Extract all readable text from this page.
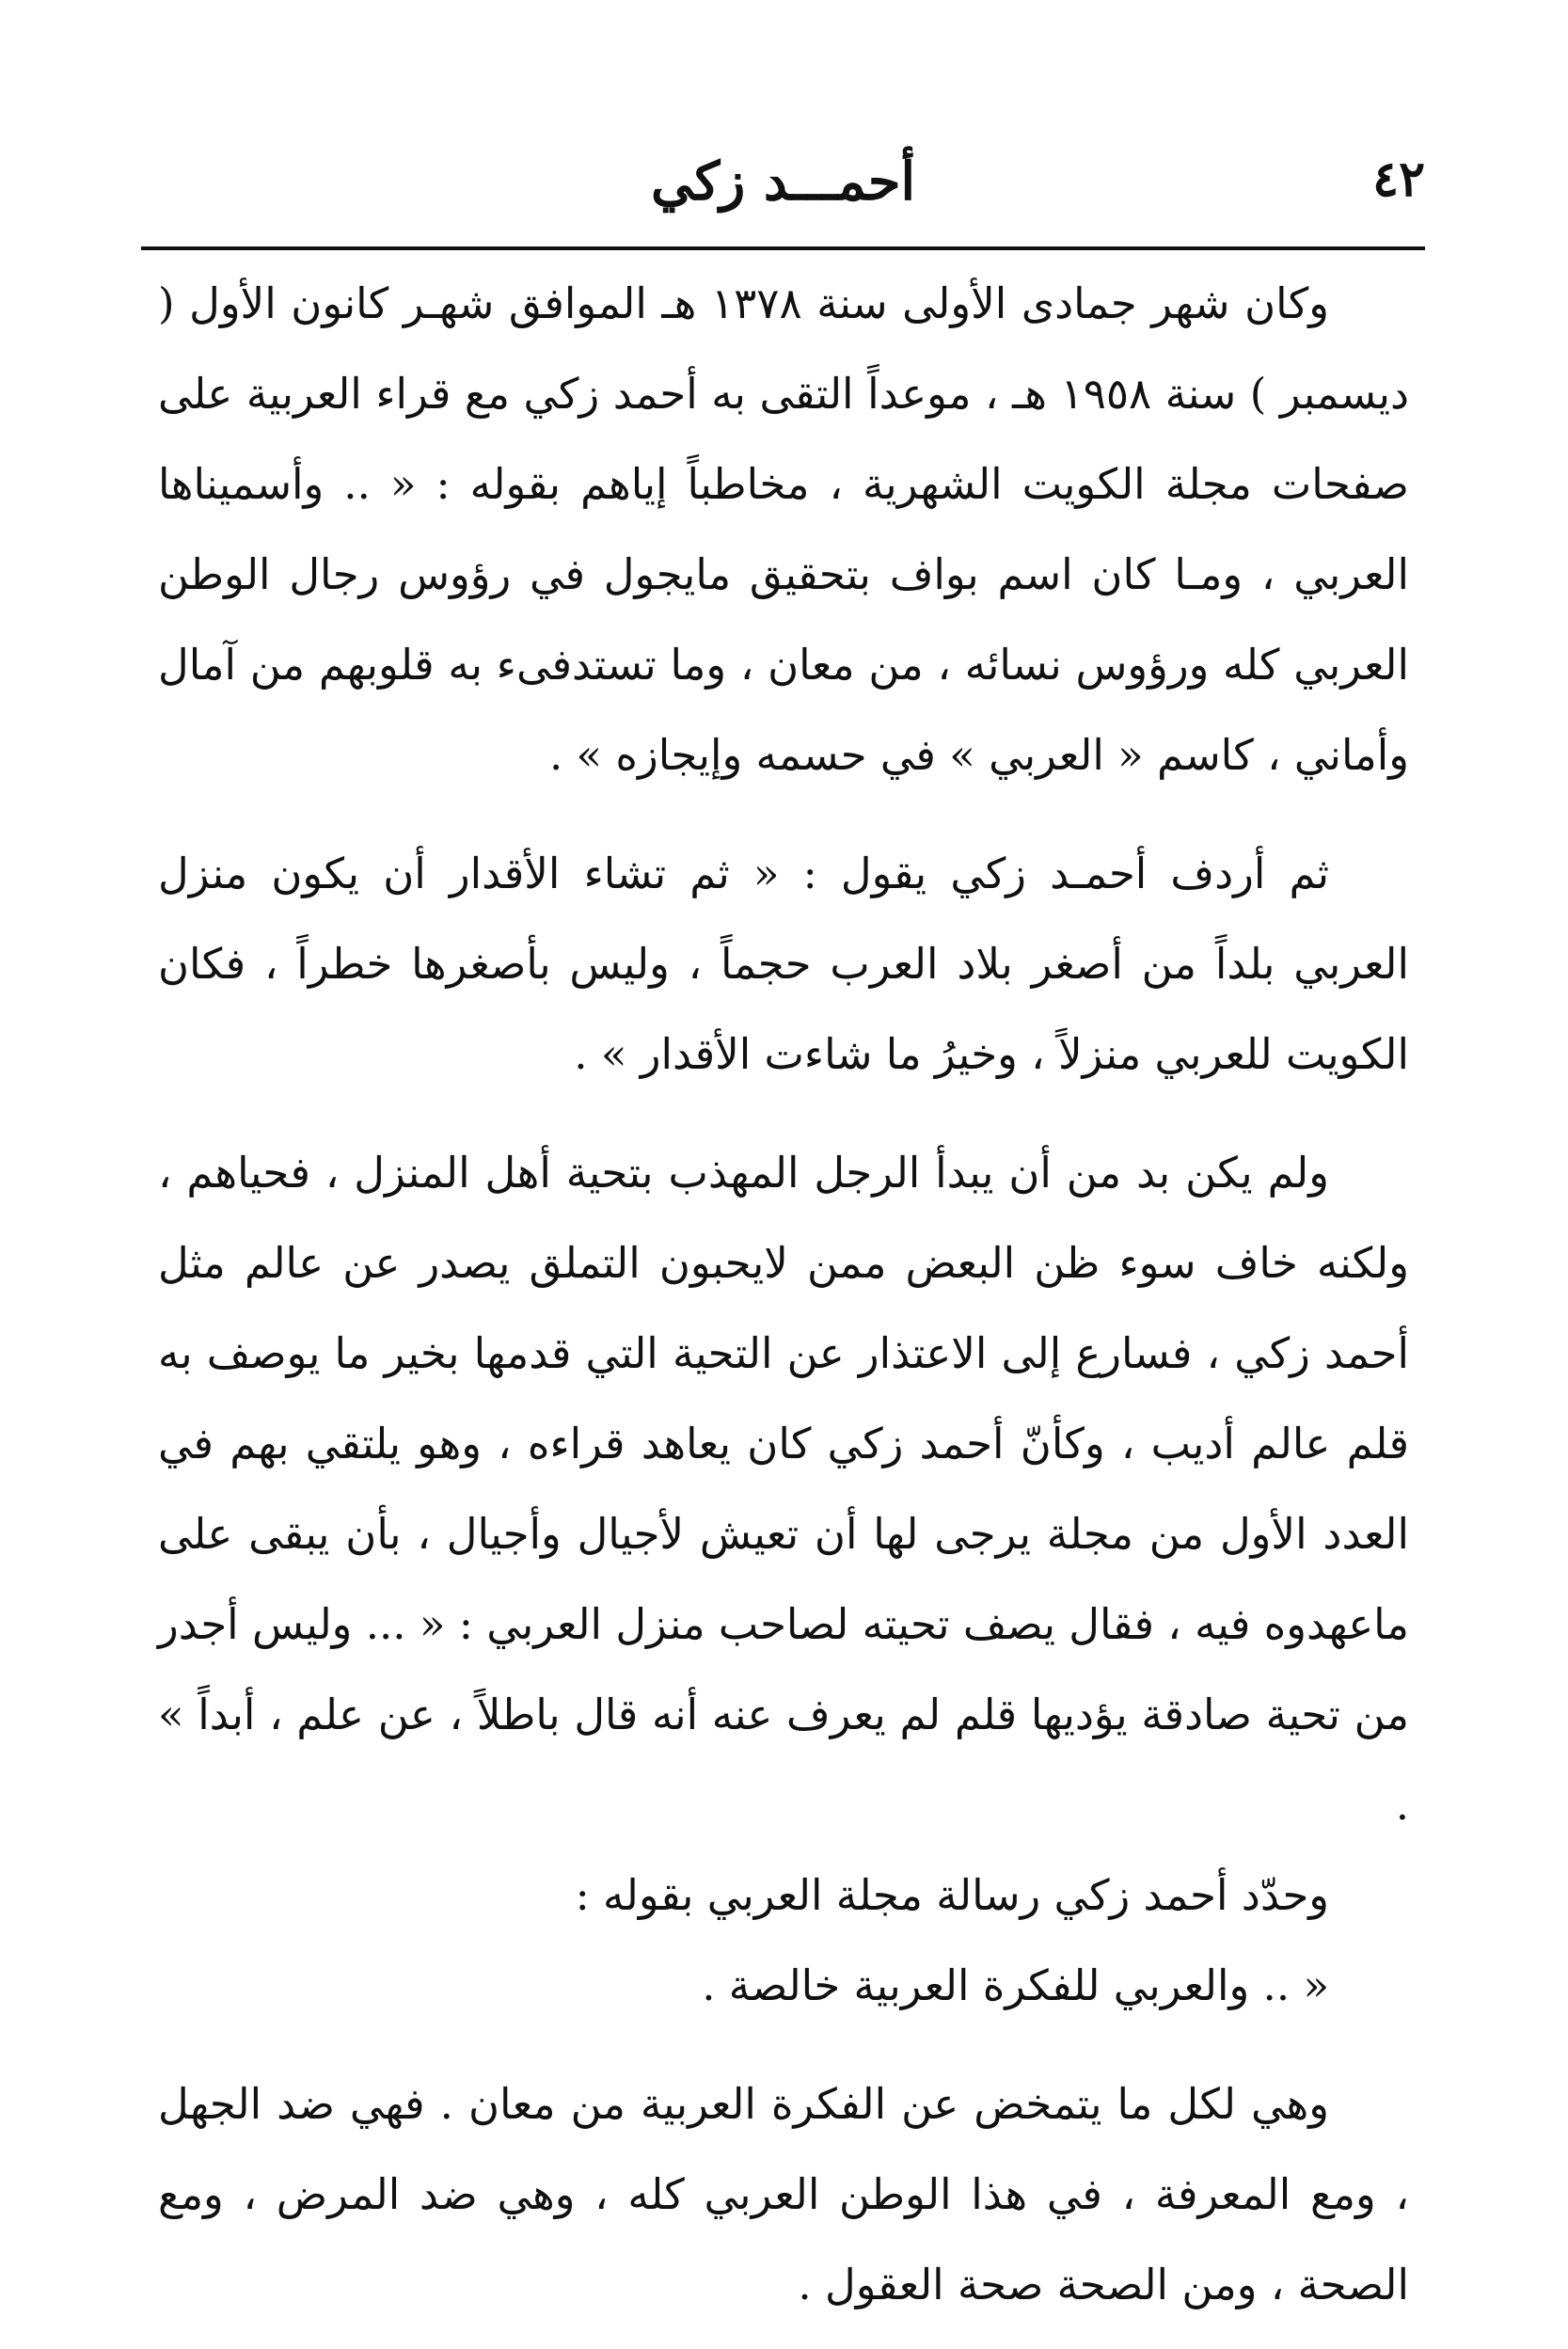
٤٢
أحمـــد زكي

وكان شهر جمادى الأولى سنة ١٣٧٨ هـ الموافق شهـر كانون الأول ( ديسمبر ) سنة ١٩٥٨ هـ ، موعداً التقى به أحمد زكي مع قراء العربية على صفحات مجلة الكويت الشهرية ، مخاطباً إياهم بقوله : « .. وأسميناها العربي ، ومـا كان اسم بواف بتحقيق مايجول في رؤوس رجال الوطن العربي كله ورؤوس نسائه ، من معان ، وما تستدفىء به قلوبهم من آمال وأماني ، كاسم « العربي » في حسمه وإيجازه » .

ثم أردف أحمـد زكي يقول : « ثم تشاء الأقدار أن يكون منزل العربي بلداً من أصغر بلاد العرب حجماً ، وليس بأصغرها خطراً ، فكان الكويت للعربي منزلاً ، وخيرُ ما شاءت الأقدار » .

ولم يكن بد من أن يبدأ الرجل المهذب بتحية أهل المنزل ، فحياهم ، ولكنه خاف سوء ظن البعض ممن لايحبون التملق يصدر عن عالم مثل أحمد زكي ، فسارع إلى الاعتذار عن التحية التي قدمها بخير ما يوصف به قلم عالم أديب ، وكأنّ أحمد زكي كان يعاهد قراءه ، وهو يلتقي بهم في العدد الأول من مجلة يرجى لها أن تعيش لأجيال وأجيال ، بأن يبقى على ماعهدوه فيه ، فقال يصف تحيته لصاحب منزل العربي : « ... وليس أجدر من تحية صادقة يؤديها قلم لم يعرف عنه أنه قال باطلاً ، عن علم ، أبداً » .

وحدّد أحمد زكي رسالة مجلة العربي بقوله :

« .. والعربي للفكرة العربية خالصة .

وهي لكل ما يتمخض عن الفكرة العربية من معان . فهي ضد الجهل ، ومع المعرفة ، في هذا الوطن العربي كله ، وهي ضد المرض ، ومع الصحة ، ومن الصحة صحة العقول .
